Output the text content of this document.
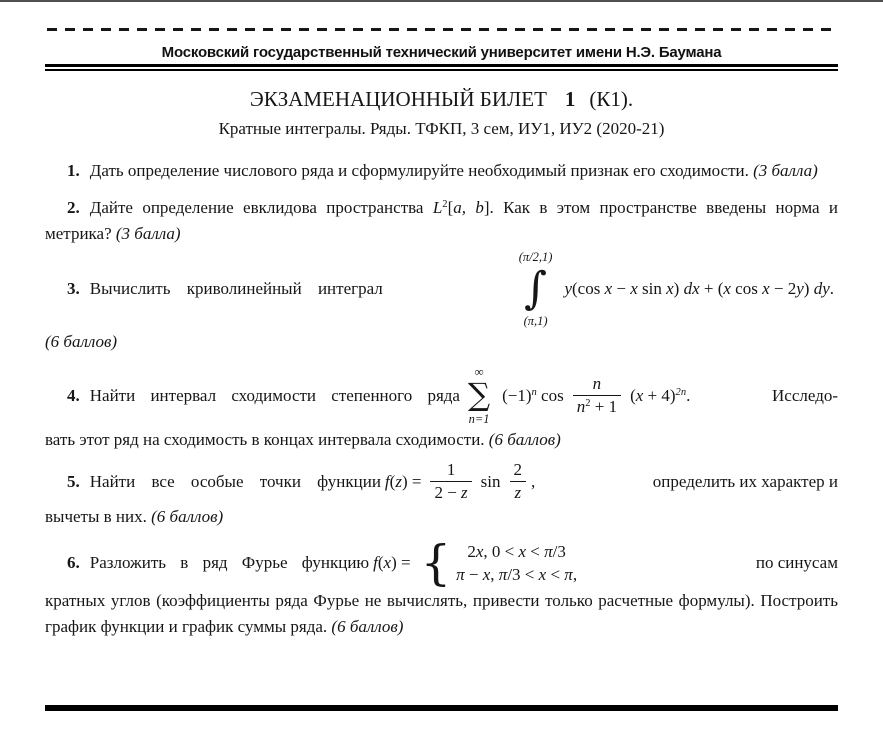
Московский государственный технический университет имени Н.Э. Баумана
ЭКЗАМЕНАЦИОННЫЙ БИЛЕТ 1 (К1).
Кратные интегралы. Ряды. ТФКП, 3 сем, ИУ1, ИУ2 (2020-21)

1. Дать определение числового ряда и сформулируйте необходимый признак его сходимости. (3 балла)

2. Дайте определение евклидова пространства $L^2[a$, b]. Как в этом пространстве введены норма и метрика? (3 балла)

3. Вычислить криволинейный интеграл
(π/2,1)
∫
(π,1)
y(cos x − x sin x) dx + (x cos x − 2y) dy.

(6 баллов)

4. Найти интервал сходимости степенного ряда
∞
∑
n=1
$(-1)^n$ $\cos \frac{n}{n^2 + 1} (x + 4)^{2n}$.	Исследо-

вать этот ряд на сходимость в концах интервала сходимости. (6 баллов)

5. Найти все особые точки функции $f(z) = \frac{1}{2 - z}$ $\sin \frac{2}{z}$ ,	определить их характер и

вычеты в них. (6 баллов)

6. Разложить в ряд Фурье функцию f(x) = { 2x, 0 < x < π/3
π − x, π/3 < x < π,
по синусам

кратных углов (коэффициенты ряда Фурье не вычислять, привести только расчетные формулы). Построить график функции и график суммы ряда. (6 баллов)
